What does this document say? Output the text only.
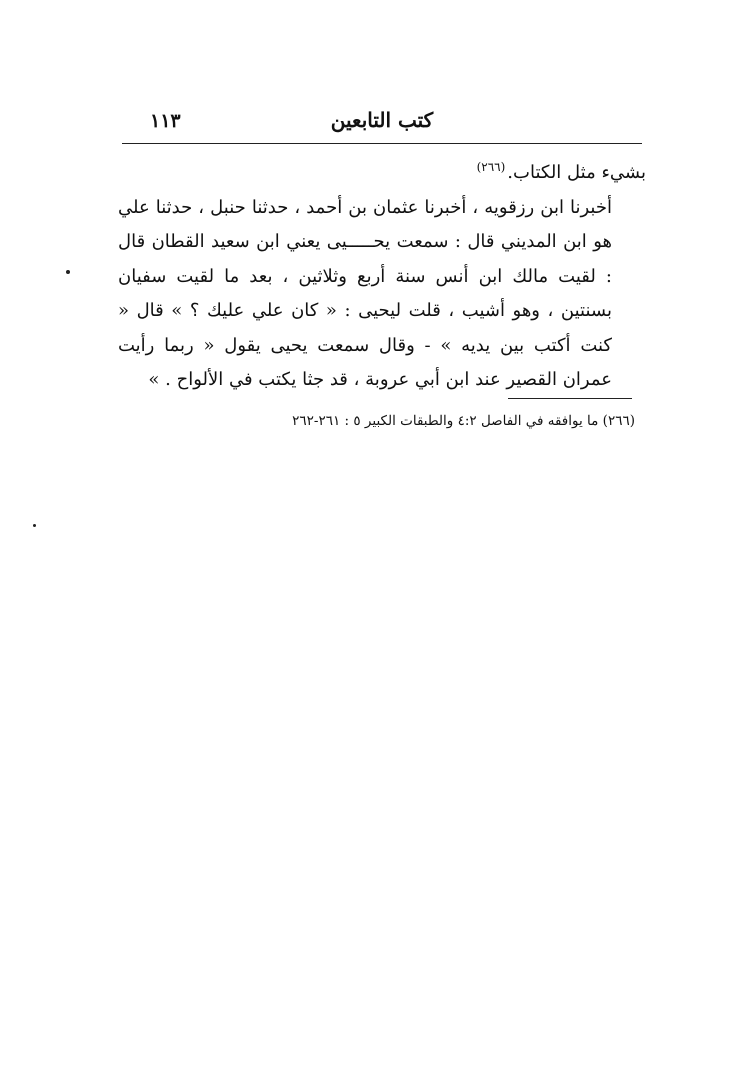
١١٣	كتب التابعين

بشيء مثل الكتاب.$^{(٢٦٦)}$

أخبرنا ابن رزقويه ، أخبرنا عثمان بن أحمد ، حدثنا حنبل ، حدثنا علي هو ابن المديني قال : سمعت يحـــــيى يعني ابن سعيد القطان قال : لقيت مالك ابن أنس سنة أربع وثلاثين ، بعد ما لقيت سفيان بسنتين ، وهو أشيب ، قلت ليحيى : « كان علي عليك ؟ » قال « كنت أكتب بين يديه » - وقال سمعت يحيى يقول « ربما رأيت عمران القصير عند ابن أبي عروبة ، قد جثا يكتب في الألواح . »

(٢٦٦) ما يوافقه في الفاصل ٤:٢ والطبقات الكبير ٥ : ٢٦١-٢٦٢
